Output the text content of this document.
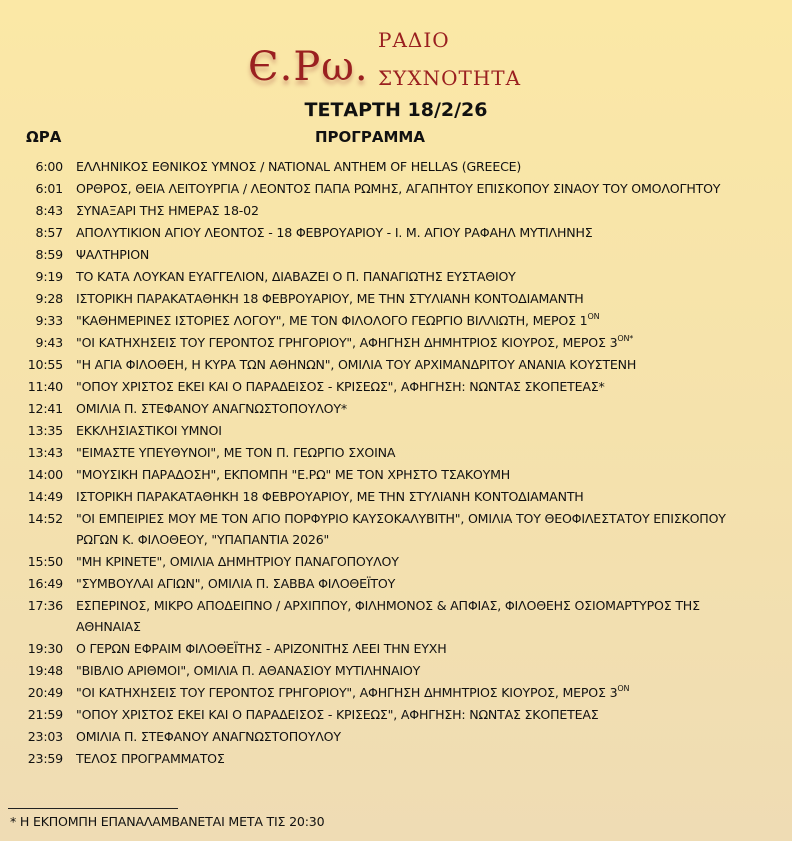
Є.Ρω.
ΡΑΔΙΟ
ΣΥΧΝΟΤΗΤΑ
ΤΕΤΑΡΤΗ 18/2/26
ΩΡΑ	ΠΡΟΓΡΑΜΜΑ
6:00 ΕΛΛΗΝΙΚΟΣ ΕΘΝΙΚΟΣ ΥΜΝΟΣ / NATIONAL ANTHEM OF HELLAS (GREECE)
6:01 ΟΡΘΡΟΣ, ΘΕΙΑ ΛΕΙΤΟΥΡΓΙΑ / ΛΕΟΝΤΟΣ ΠΑΠΑ ΡΩΜΗΣ, ΑΓΑΠΗΤΟΥ ΕΠΙΣΚΟΠΟΥ ΣΙΝΑΟΥ ΤΟΥ ΟΜΟΛΟΓΗΤΟΥ
8:43 ΣΥΝΑΞΑΡΙ ΤΗΣ ΗΜΕΡΑΣ 18-02
8:57 ΑΠΟΛΥΤΙΚΙΟΝ ΑΓΙΟΥ ΛΕΟΝΤΟΣ - 18 ΦΕΒΡΟΥΑΡΙΟΥ - Ι. Μ. ΑΓΙΟΥ ΡΑΦΑΗΛ ΜΥΤΙΛΗΝΗΣ
8:59 ΨΑΛΤΗΡΙΟΝ
9:19 ΤΟ ΚΑΤΑ ΛΟΥΚΑΝ ΕΥΑΓΓΕΛΙΟΝ, ΔΙΑΒΑΖΕΙ Ο Π. ΠΑΝΑΓΙΩΤΗΣ ΕΥΣΤΑΘΙΟΥ
9:28 ΙΣΤΟΡΙΚΗ ΠΑΡΑΚΑΤΑΘΗΚΗ 18 ΦΕΒΡΟΥΑΡΙΟΥ, ΜΕ ΤΗΝ ΣΤΥΛΙΑΝΗ ΚΟΝΤΟΔΙΑΜΑΝΤΗ
9:33 "ΚΑΘΗΜΕΡΙΝΕΣ ΙΣΤΟΡΙΕΣ ΛΟΓΟΥ", ΜΕ ΤΟΝ ΦΙΛΟΛΟΓΟ ΓΕΩΡΓΙΟ ΒΙΛΛΙΩΤΗ, ΜΕΡΟΣ $1^{ON}$
9:43 "ΟΙ ΚΑΤΗΧΗΣΕΙΣ ΤΟΥ ΓΕΡΟΝΤΟΣ ΓΡΗΓΟΡΙΟΥ", ΑΦΗΓΗΣΗ ΔΗΜΗΤΡΙΟΣ ΚΙΟΥΡΟΣ, ΜΕΡΟΣ $3^{ON*}$
10:55 "Η ΑΓΙΑ ΦΙΛΟΘΕΗ, Η ΚΥΡΑ ΤΩΝ ΑΘΗΝΩΝ", ΟΜΙΛΙΑ ΤΟΥ ΑΡΧΙΜΑΝΔΡΙΤΟΥ ΑΝΑΝΙΑ ΚΟΥΣΤΕΝΗ
11:40 "ΟΠΟΥ ΧΡΙΣΤΟΣ ΕΚΕΙ ΚΑΙ Ο ΠΑΡΑΔΕΙΣΟΣ - ΚΡΙΣΕΩΣ", ΑΦΗΓΗΣΗ: ΝΩΝΤΑΣ ΣΚΟΠΕΤΕΑΣ*
12:41 ΟΜΙΛΙΑ Π. ΣΤΕΦΑΝΟΥ ΑΝΑΓΝΩΣΤΟΠΟΥΛΟΥ*
13:35 ΕΚΚΛΗΣΙΑΣΤΙΚΟΙ ΥΜΝΟΙ
13:43 "ΕΙΜΑΣΤΕ ΥΠΕΥΘΥΝΟΙ", ΜΕ ΤΟΝ Π. ΓΕΩΡΓΙΟ ΣΧΟΙΝΑ
14:00 "ΜΟΥΣΙΚΗ ΠΑΡΑΔΟΣΗ", ΕΚΠΟΜΠΗ "Ε.ΡΩ" ΜΕ ΤΟΝ ΧΡΗΣΤΟ ΤΣΑΚΟΥΜΗ
14:49 ΙΣΤΟΡΙΚΗ ΠΑΡΑΚΑΤΑΘΗΚΗ 18 ΦΕΒΡΟΥΑΡΙΟΥ, ΜΕ ΤΗΝ ΣΤΥΛΙΑΝΗ ΚΟΝΤΟΔΙΑΜΑΝΤΗ
14:52 "ΟΙ ΕΜΠΕΙΡΙΕΣ ΜΟΥ ΜΕ ΤΟΝ ΑΓΙΟ ΠΟΡΦΥΡΙΟ ΚΑΥΣΟΚΑΛΥΒΙΤΗ", ΟΜΙΛΙΑ ΤΟΥ ΘΕΟΦΙΛΕΣΤΑΤΟΥ ΕΠΙΣΚΟΠΟΥ ΡΩΓΩΝ Κ. ΦΙΛΟΘΕΟΥ, "ΥΠΑΠΑΝΤΙΑ 2026"
15:50 "ΜΗ ΚΡΙΝΕΤΕ", ΟΜΙΛΙΑ ΔΗΜΗΤΡΙΟΥ ΠΑΝΑΓΟΠΟΥΛΟΥ
16:49 "ΣΥΜΒΟΥΛΑΙ ΑΓΙΩΝ", ΟΜΙΛΙΑ Π. ΣΑΒΒΑ ΦΙΛΟΘΕΪΤΟΥ
17:36 ΕΣΠΕΡΙΝΟΣ, ΜΙΚΡΟ ΑΠΟΔΕΙΠΝΟ / ΑΡΧΙΠΠΟΥ, ΦΙΛΗΜΟΝΟΣ & ΑΠΦΙΑΣ, ΦΙΛΟΘΕΗΣ ΟΣΙΟΜΑΡΤΥΡΟΣ ΤΗΣ ΑΘΗΝΑΙΑΣ
19:30 Ο ΓΕΡΩΝ ΕΦΡΑΙΜ ΦΙΛΟΘΕΪΤΗΣ - ΑΡΙΖΟΝΙΤΗΣ ΛΕΕΙ ΤΗΝ ΕΥΧΗ
19:48 "ΒΙΒΛΙΟ ΑΡΙΘΜΟΙ", ΟΜΙΛΙΑ Π. ΑΘΑΝΑΣΙΟΥ ΜΥΤΙΛΗΝΑΙΟΥ
20:49 "ΟΙ ΚΑΤΗΧΗΣΕΙΣ ΤΟΥ ΓΕΡΟΝΤΟΣ ΓΡΗΓΟΡΙΟΥ", ΑΦΗΓΗΣΗ ΔΗΜΗΤΡΙΟΣ ΚΙΟΥΡΟΣ, ΜΕΡΟΣ $3^{ON}$
21:59 "ΟΠΟΥ ΧΡΙΣΤΟΣ ΕΚΕΙ ΚΑΙ Ο ΠΑΡΑΔΕΙΣΟΣ - ΚΡΙΣΕΩΣ", ΑΦΗΓΗΣΗ: ΝΩΝΤΑΣ ΣΚΟΠΕΤΕΑΣ
23:03 ΟΜΙΛΙΑ Π. ΣΤΕΦΑΝΟΥ ΑΝΑΓΝΩΣΤΟΠΟΥΛΟΥ
23:59 ΤΕΛΟΣ ΠΡΟΓΡΑΜΜΑΤΟΣ
* Η ΕΚΠΟΜΠΗ ΕΠΑΝΑΛΑΜΒΑΝΕΤΑΙ ΜΕΤΑ ΤΙΣ 20:30
